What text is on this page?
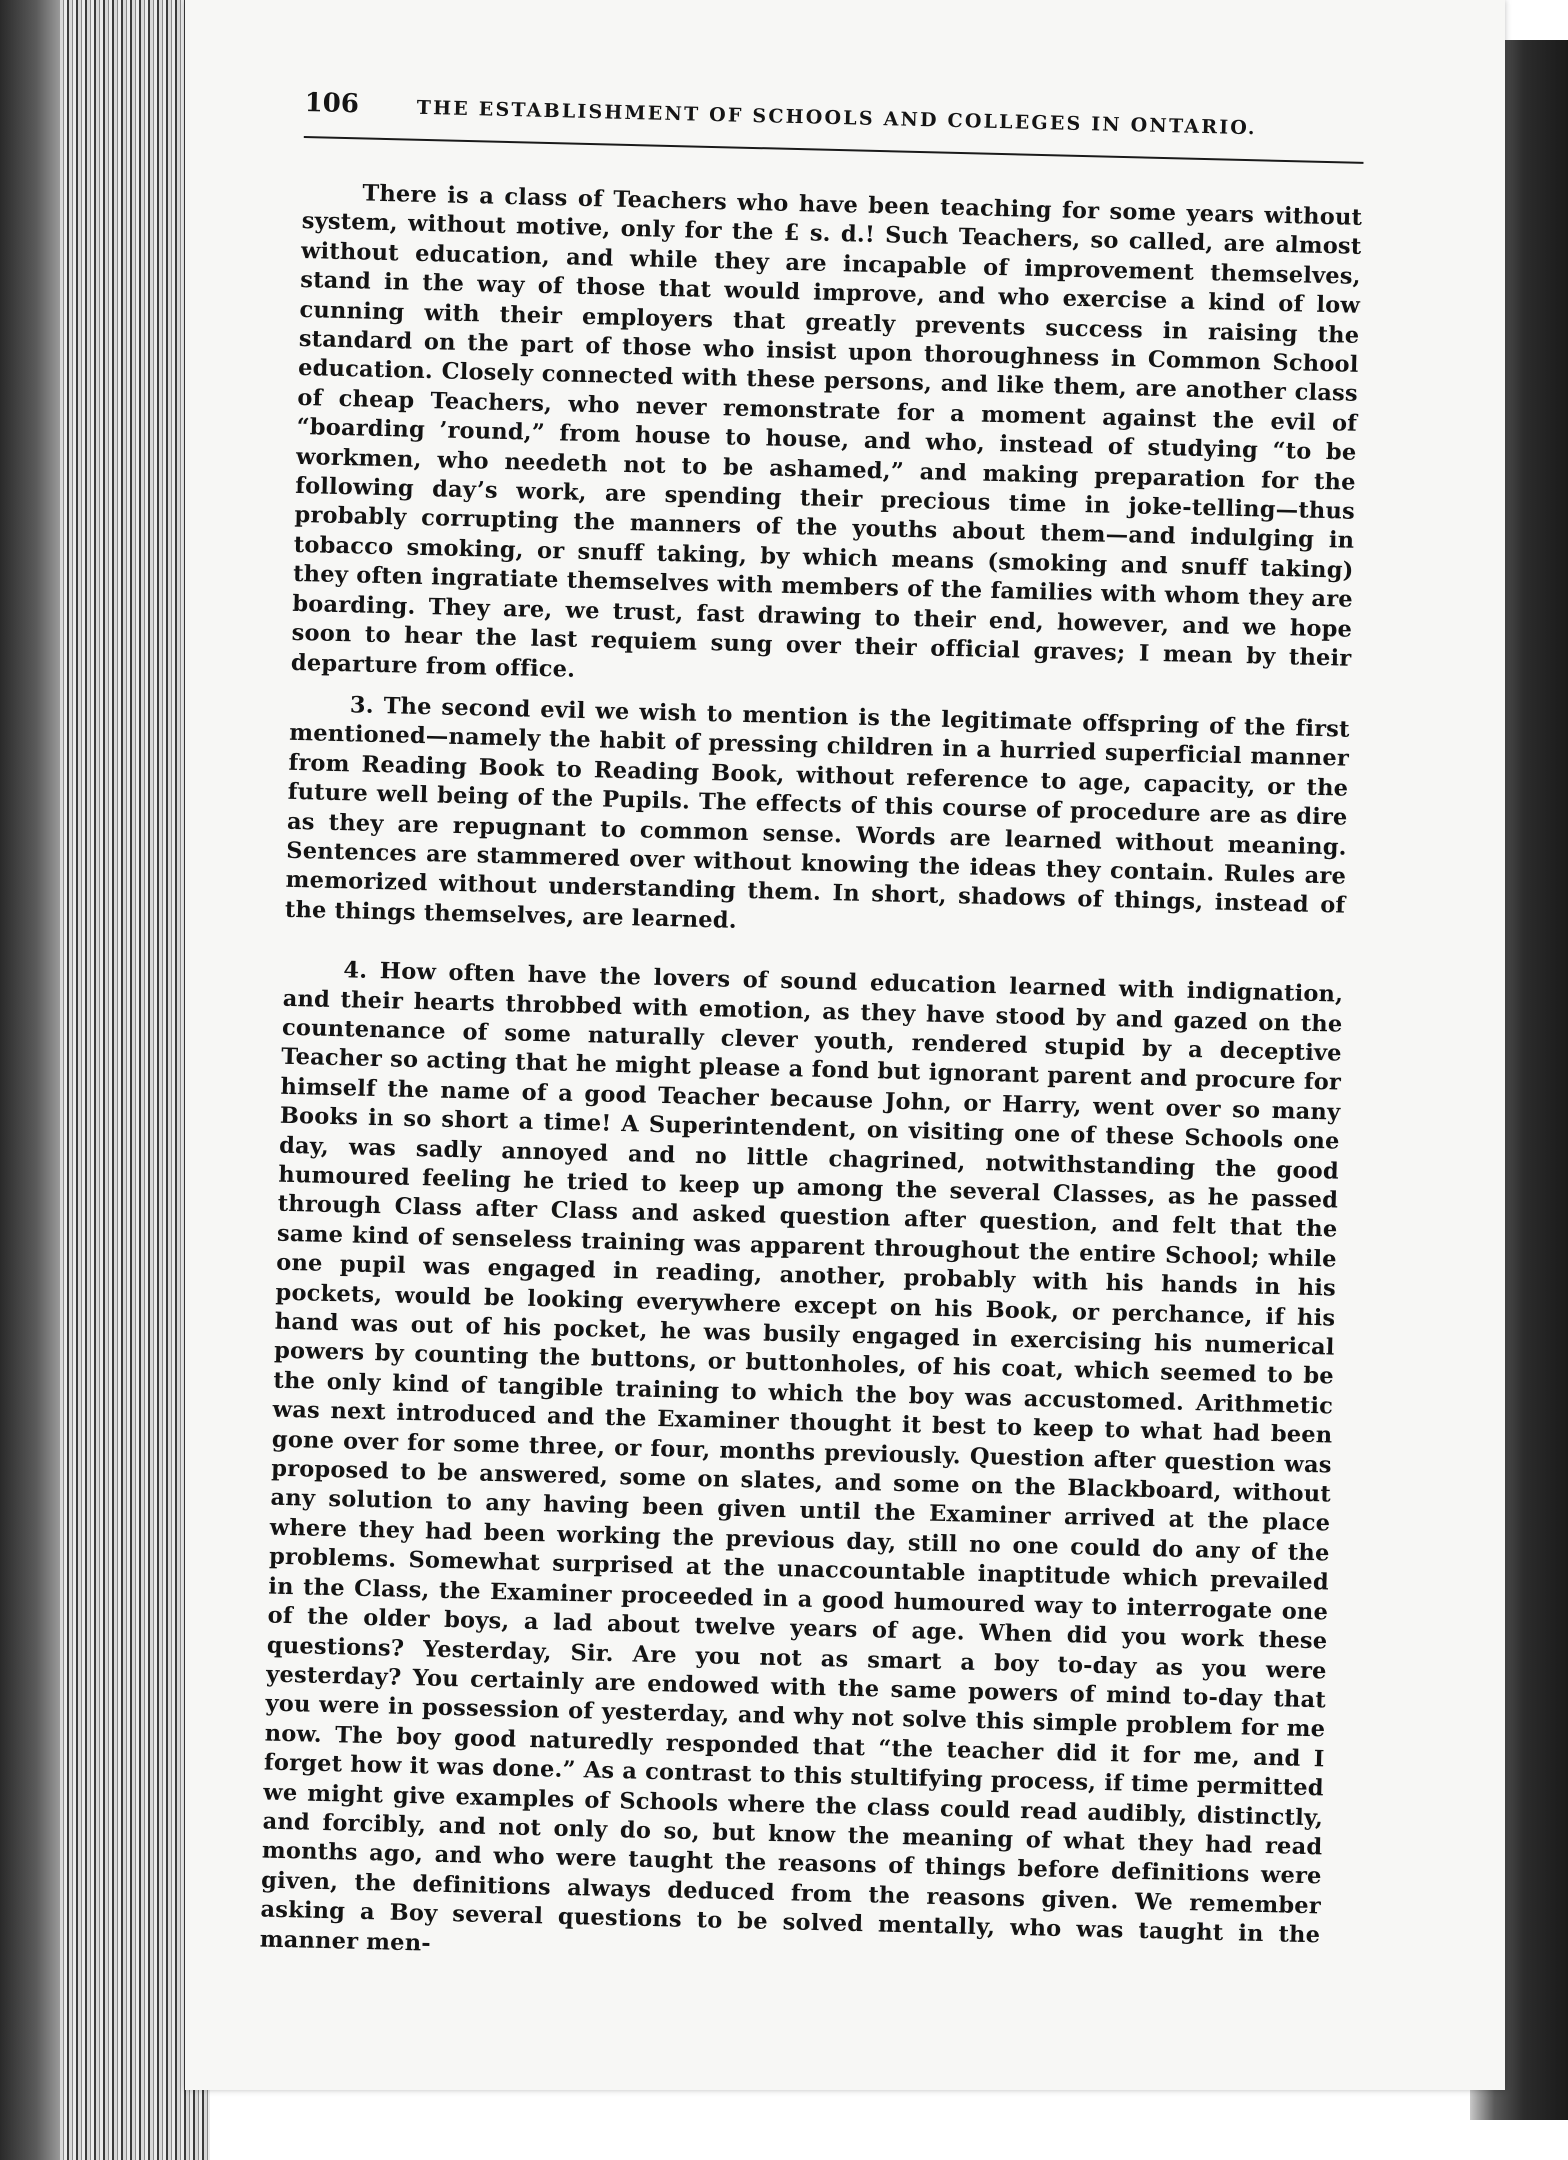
106	THE ESTABLISHMENT OF SCHOOLS AND COLLEGES IN ONTARIO.

There is a class of Teachers who have been teaching for some years without system, without motive, only for the £ s. d.! Such Teachers, so called, are almost without education, and while they are incapable of improvement themselves, stand in the way of those that would improve, and who exercise a kind of low cunning with their employers that greatly prevents success in raising the standard on the part of those who insist upon thoroughness in Common School education. Closely connected with these persons, and like them, are another class of cheap Teachers, who never remonstrate for a moment against the evil of “boarding ’round,” from house to house, and who, instead of studying “to be workmen, who needeth not to be ashamed,” and making preparation for the following day’s work, are spending their precious time in joke-telling—thus probably corrupting the manners of the youths about them—and indulging in tobacco smoking, or snuff taking, by which means (smoking and snuff taking) they often ingratiate themselves with members of the families with whom they are boarding. They are, we trust, fast drawing to their end, however, and we hope soon to hear the last requiem sung over their official graves; I mean by their departure from office.

3. The second evil we wish to mention is the legitimate offspring of the first mentioned—namely the habit of pressing children in a hurried superficial manner from Reading Book to Reading Book, without reference to age, capacity, or the future well being of the Pupils. The effects of this course of procedure are as dire as they are repugnant to common sense. Words are learned without meaning. Sentences are stammered over without knowing the ideas they contain. Rules are memorized without understanding them. In short, shadows of things, instead of the things themselves, are learned.

4. How often have the lovers of sound education learned with indignation, and their hearts throbbed with emotion, as they have stood by and gazed on the countenance of some naturally clever youth, rendered stupid by a deceptive Teacher so acting that he might please a fond but ignorant parent and procure for himself the name of a good Teacher because John, or Harry, went over so many Books in so short a time! A Superintendent, on visiting one of these Schools one day, was sadly annoyed and no little chagrined, notwithstanding the good humoured feeling he tried to keep up among the several Classes, as he passed through Class after Class and asked question after question, and felt that the same kind of senseless training was apparent throughout the entire School; while one pupil was engaged in reading, another, probably with his hands in his pockets, would be looking everywhere except on his Book, or perchance, if his hand was out of his pocket, he was busily engaged in exercising his numerical powers by counting the buttons, or buttonholes, of his coat, which seemed to be the only kind of tangible training to which the boy was accustomed. Arithmetic was next introduced and the Examiner thought it best to keep to what had been gone over for some three, or four, months previously. Question after question was proposed to be answered, some on slates, and some on the Blackboard, without any solution to any having been given until the Examiner arrived at the place where they had been working the previous day, still no one could do any of the problems. Somewhat surprised at the unaccountable inaptitude which prevailed in the Class, the Examiner proceeded in a good humoured way to interrogate one of the older boys, a lad about twelve years of age. When did you work these questions? Yesterday, Sir. Are you not as smart a boy to-day as you were yesterday? You certainly are endowed with the same powers of mind to-day that you were in possession of yesterday, and why not solve this simple problem for me now. The boy good naturedly responded that “the teacher did it for me, and I forget how it was done.” As a contrast to this stultifying process, if time permitted we might give examples of Schools where the class could read audibly, distinctly, and forcibly, and not only do so, but know the meaning of what they had read months ago, and who were taught the reasons of things before definitions were given, the definitions always deduced from the reasons given. We remember asking a Boy several questions to be solved mentally, who was taught in the manner men-
